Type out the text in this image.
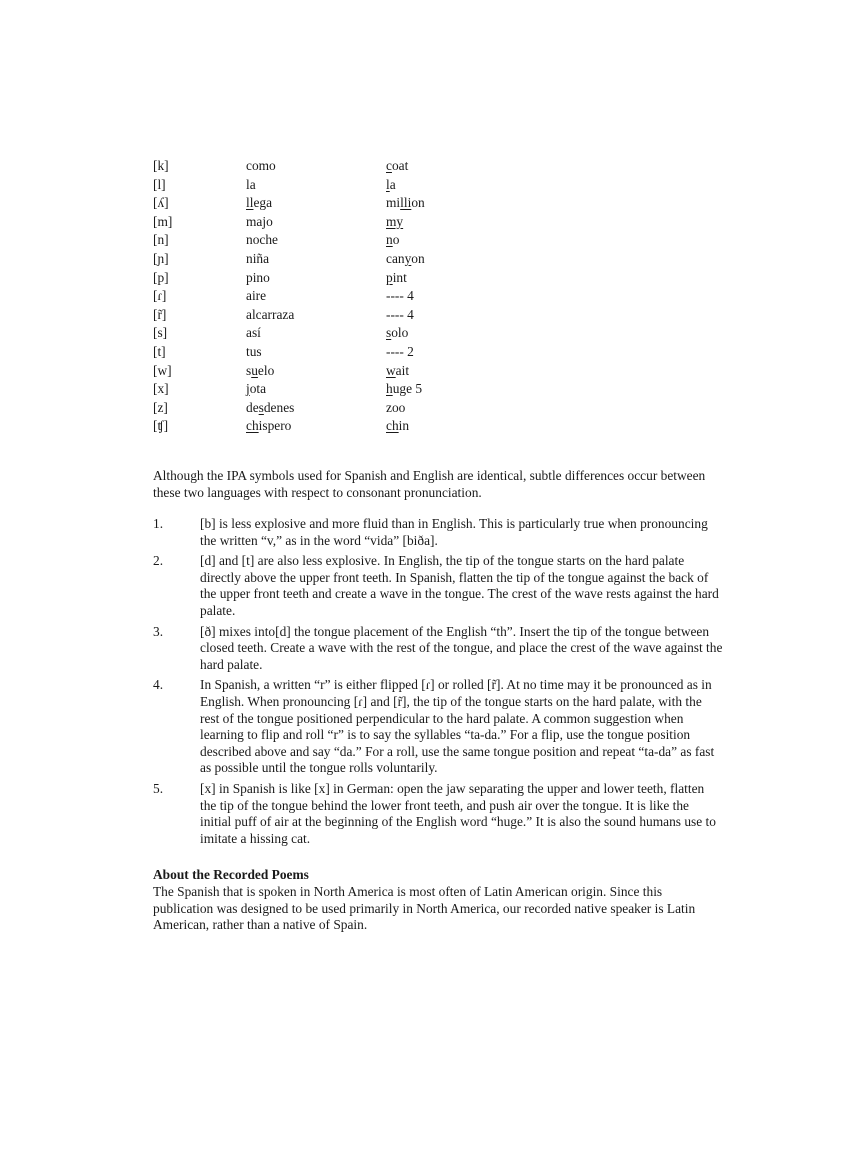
[k]	como	coat
[l]	la	la
[ʎ]	llega	million
[m]	majo	my
[n]	noche	no
[ɲ]	niña	canyon
[p]	pino	pint
[ɾ]	aire	---- 4
[r̃]	alcarraza	---- 4
[s]	así	solo
[t]	tus	---- 2
[w]	suelo	wait
[x]	jota	huge 5
[z]	desdenes	zoo
[ʧ]	chispero	chin

Although the IPA symbols used for Spanish and English are identical, subtle differences occur between these two languages with respect to consonant pronunciation.

1.	[b] is less explosive and more fluid than in English. This is particularly true when pronouncing the written “v,” as in the word “vida” [biða].
2.	[d] and [t] are also less explosive. In English, the tip of the tongue starts on the hard palate directly above the upper front teeth. In Spanish, flatten the tip of the tongue against the back of the upper front teeth and create a wave in the tongue. The crest of the wave rests against the hard palate.
3.	[ð] mixes into[d] the tongue placement of the English “th”. Insert the tip of the tongue between closed teeth. Create a wave with the rest of the tongue, and place the crest of the wave against the hard palate.
4.	In Spanish, a written “r” is either flipped [ɾ] or rolled [r̃]. At no time may it be pronounced as in English. When pronouncing [ɾ] and [r̃], the tip of the tongue starts on the hard palate, with the rest of the tongue positioned perpendicular to the hard palate. A common suggestion when learning to flip and roll “r” is to say the syllables “ta-da.” For a flip, use the tongue position described above and say “da.” For a roll, use the same tongue position and repeat “ta-da” as fast as possible until the tongue rolls voluntarily.
5.	[x] in Spanish is like [x] in German: open the jaw separating the upper and lower teeth, flatten the tip of the tongue behind the lower front teeth, and push air over the tongue. It is like the initial puff of air at the beginning of the English word “huge.” It is also the sound humans use to imitate a hissing cat.
About the Recorded Poems

The Spanish that is spoken in North America is most often of Latin American origin. Since this publication was designed to be used primarily in North America, our recorded native speaker is Latin American, rather than a native of Spain.
